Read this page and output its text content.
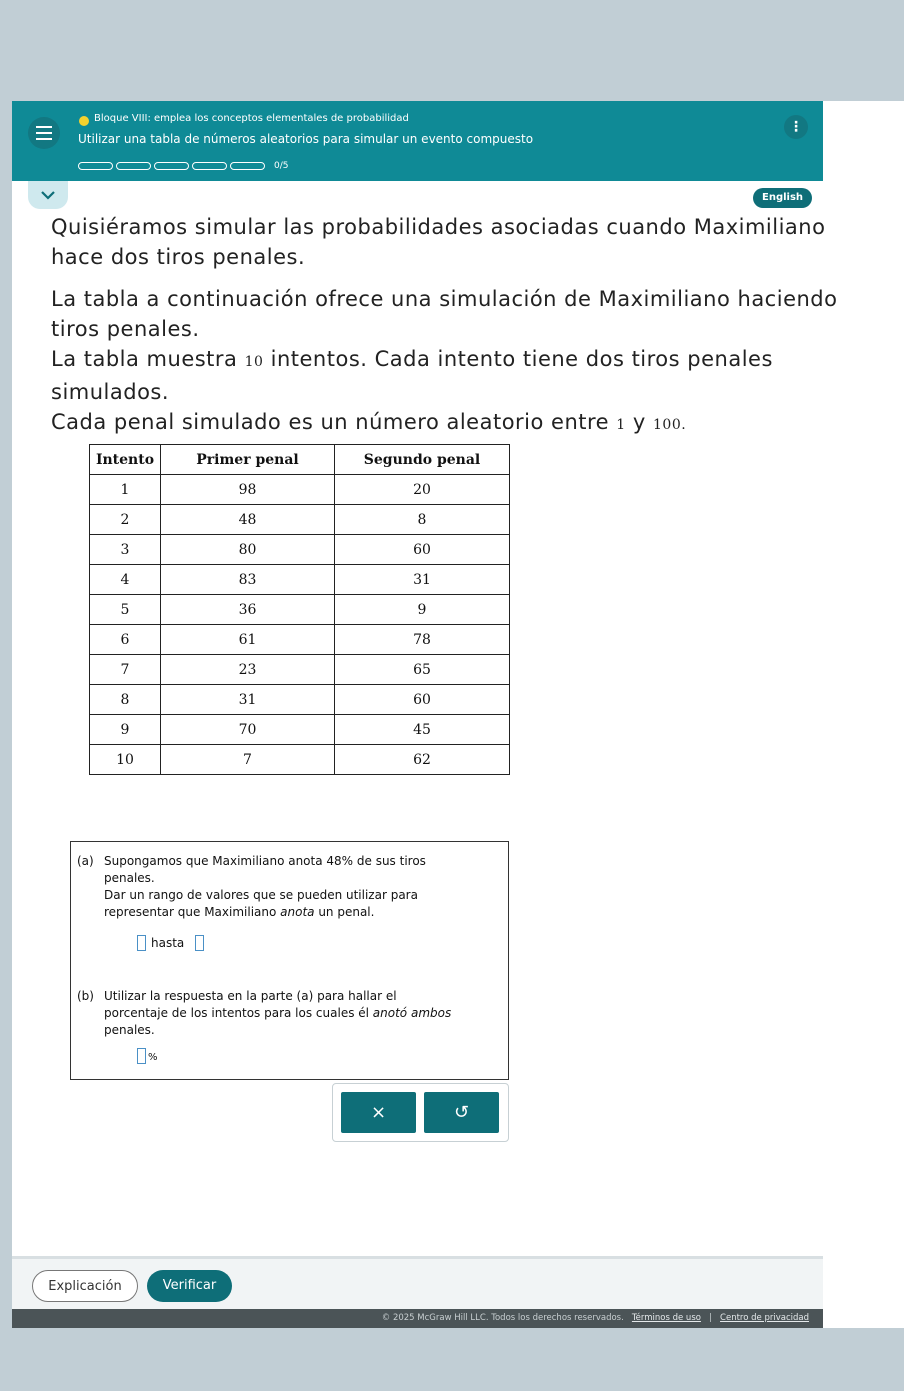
Bloque VIII: emplea los conceptos elementales de probabilidad
Utilizar una tabla de números aleatorios para simular un evento compuesto
0/5
⋮
English
Quisiéramos simular las probabilidades asociadas cuando Maximiliano
hace dos tiros penales.
La tabla a continuación ofrece una simulación de Maximiliano haciendo
tiros penales.
La tabla muestra 10 intentos. Cada intento tiene dos tiros penales
simulados.
Cada penal simulado es un número aleatorio entre 1 y 100.
Intento	Primer penal	Segundo penal
1	98	20
2	48	8
3	80	60
4	83	31
5	36	9
6	61	78
7	23	65
8	31	60
9	70	45
10	7	62
(a) Supongamos que Maximiliano anota 48% de sus tiros
penales.
Dar un rango de valores que se pueden utilizar para
representar que Maximiliano anota un penal.
hasta
(b) Utilizar la respuesta en la parte (a) para hallar el
porcentaje de los intentos para los cuales él anotó ambos
penales.
%
×	↺
Explicación	Verificar
© 2025 McGraw Hill LLC. Todos los derechos reservados. Términos de uso | Centro de privacidad
